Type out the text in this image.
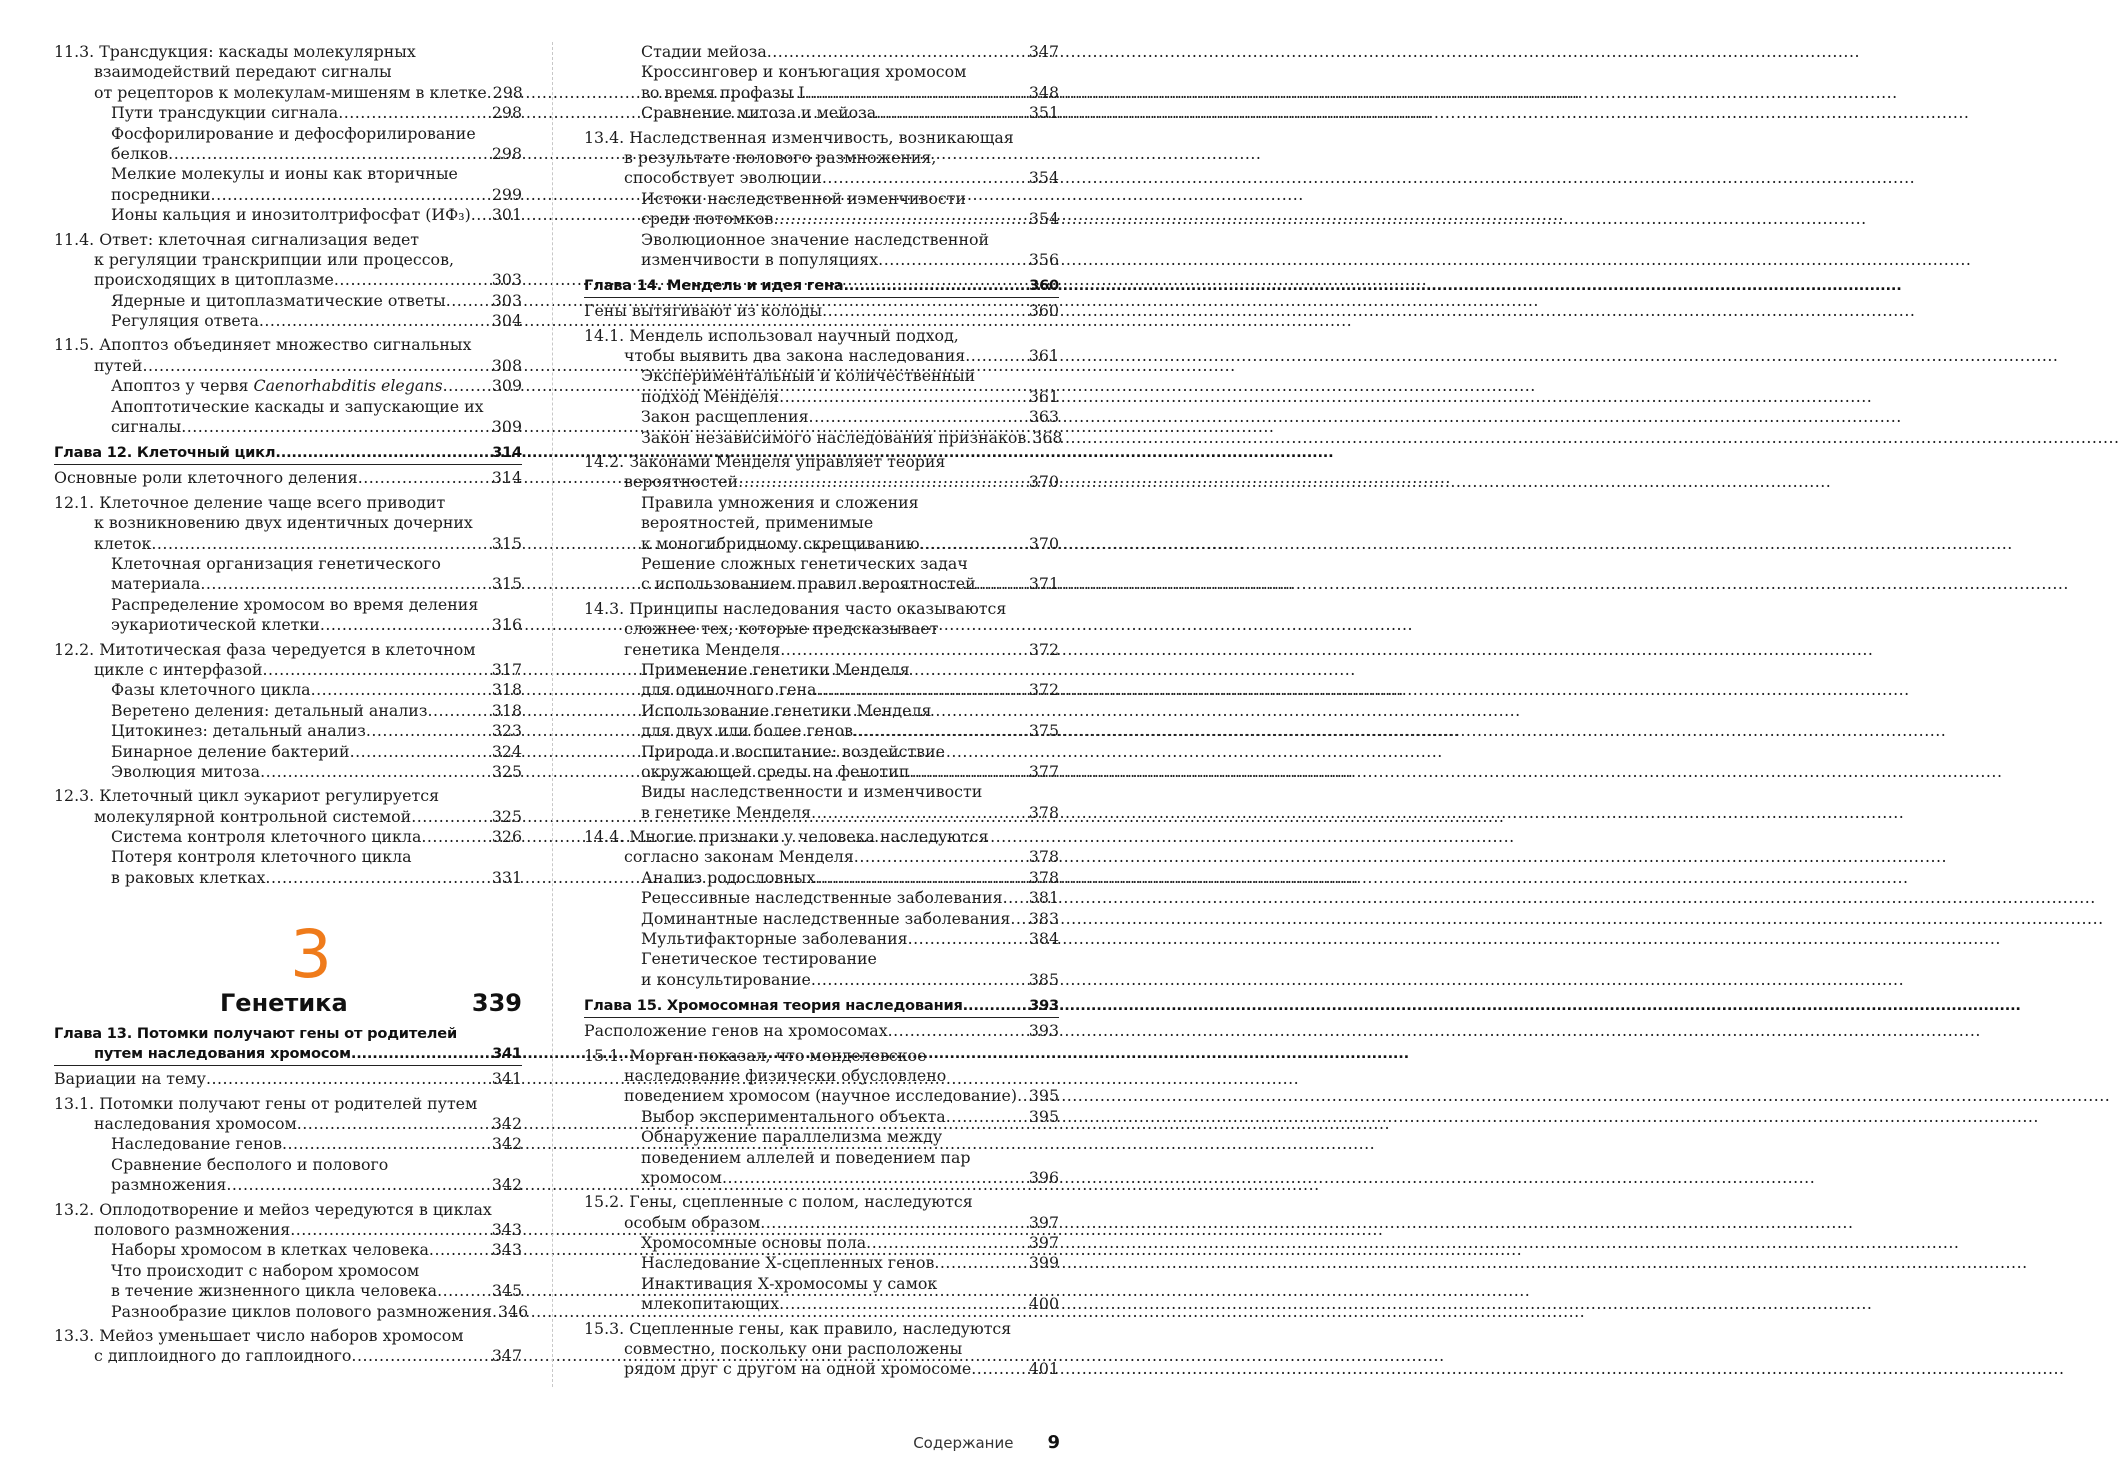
11.3. Трансдукция: каскады молекулярных
взаимодействий передают сигналы
от рецепторов к молекулам-мишеням в клетке ..... 298
Пути трансдукции сигнала .....	298
Фосфорилирование и дефосфорилирование
белков .....	298
Мелкие молекулы и ионы как вторичные
посредники .....	299
Ионы кальция и инозитолтрифосфат (ИФ₃) ..... 301
11.4. Ответ: клеточная сигнализация ведет
к регуляции транскрипции или процессов,
происходящих в цитоплазме .....	303
Ядерные и цитоплазматические ответы .....	303
Регуляция ответа .....	304
11.5. Апоптоз объединяет множество сигнальных
путей .....	308
Апоптоз у червя Caenorhabditis elegans .....	309
Апоптотические каскады и запускающие их
сигналы .....	309
Глава 12. Клеточный цикл .....	314
Основные роли клеточного деления .....	314
12.1. Клеточное деление чаще всего приводит
к возникновению двух идентичных дочерних
клеток .....	315
Клеточная организация генетического
материала .....	315
Распределение хромосом во время деления
эукариотической клетки .....	316
12.2. Митотическая фаза чередуется в клеточном
цикле с интерфазой .....	317
Фазы клеточного цикла .....	318
Веретено деления: детальный анализ .....	318
Цитокинез: детальный анализ .....	323
Бинарное деление бактерий .....	324
Эволюция митоза .....	325
12.3. Клеточный цикл эукариот регулируется
молекулярной контрольной системой .....	325
Система контроля клеточного цикла .....	326
Потеря контроля клеточного цикла
в раковых клетках .....	331
3
Генетика	339
Глава 13. Потомки получают гены от родителей
путем наследования хромосом .....	341
Вариации на тему .....	341
13.1. Потомки получают гены от родителей путем
наследования хромосом .....	342
Наследование генов .....	342
Сравнение бесполого и полового
размножения .....	342
13.2. Оплодотворение и мейоз чередуются в циклах
полового размножения .....	343
Наборы хромосом в клетках человека .....	343
Что происходит с набором хромосом
в течение жизненного цикла человека .....	345
Разнообразие циклов полового размножения ..... 346
13.3. Мейоз уменьшает число наборов хромосом
с диплоидного до гаплоидного .....	347
Стадии мейоза .....	347
Кроссинговер и конъюгация хромосом
во время профазы I .....	348
Сравнение митоза и мейоза .....	351
13.4. Наследственная изменчивость, возникающая
в результате полового размножения,
способствует эволюции .....	354
Истоки наследственной изменчивости
среди потомков .....	354
Эволюционное значение наследственной
изменчивости в популяциях .....	356
Глава 14. Мендель и идея гена .....	360
Гены вытягивают из колоды .....	360
14.1. Мендель использовал научный подход,
чтобы выявить два закона наследования .....	361
Экспериментальный и количественный
подход Менделя .....	361
Закон расщепления .....	363
Закон независимого наследования признаков ..... 368
14.2. Законами Менделя управляет теория
вероятностей .....	370
Правила умножения и сложения
вероятностей, применимые
к моногибридному скрещиванию .....	370
Решение сложных генетических задач
с использованием правил вероятностей .....	371
14.3. Принципы наследования часто оказываются
сложнее тех, которые предсказывает
генетика Менделя .....	372
Применение генетики Менделя
для одиночного гена .....	372
Использование генетики Менделя
для двух или более генов .....	375
Природа и воспитание: воздействие
окружающей среды на фенотип .....	377
Виды наследственности и изменчивости
в генетике Менделя .....	378
14.4. Многие признаки у человека наследуются
согласно законам Менделя .....	378
Анализ родословных .....	378
Рецессивные наследственные заболевания ..... 381
Доминантные наследственные заболевания ..... 383
Мультифакторные заболевания .....	384
Генетическое тестирование
и консультирование .....	385
Глава 15. Хромосомная теория наследования .....	393
Расположение генов на хромосомах .....	393
15.1. Морган показал, что менделевское
наследование физически обусловлено
поведением хромосом (научное исследование) ..... 395
Выбор экспериментального объекта .....	395
Обнаружение параллелизма между
поведением аллелей и поведением пар
хромосом .....	396
15.2. Гены, сцепленные с полом, наследуются
особым образом .....	397
Хромосомные основы пола .....	397
Наследование Х-сцепленных генов .....	399
Инактивация Х-хромосомы у самок
млекопитающих .....	400
15.3. Сцепленные гены, как правило, наследуются
совместно, поскольку они расположены
рядом друг с другом на одной хромосоме .....	401
Содержание 9
